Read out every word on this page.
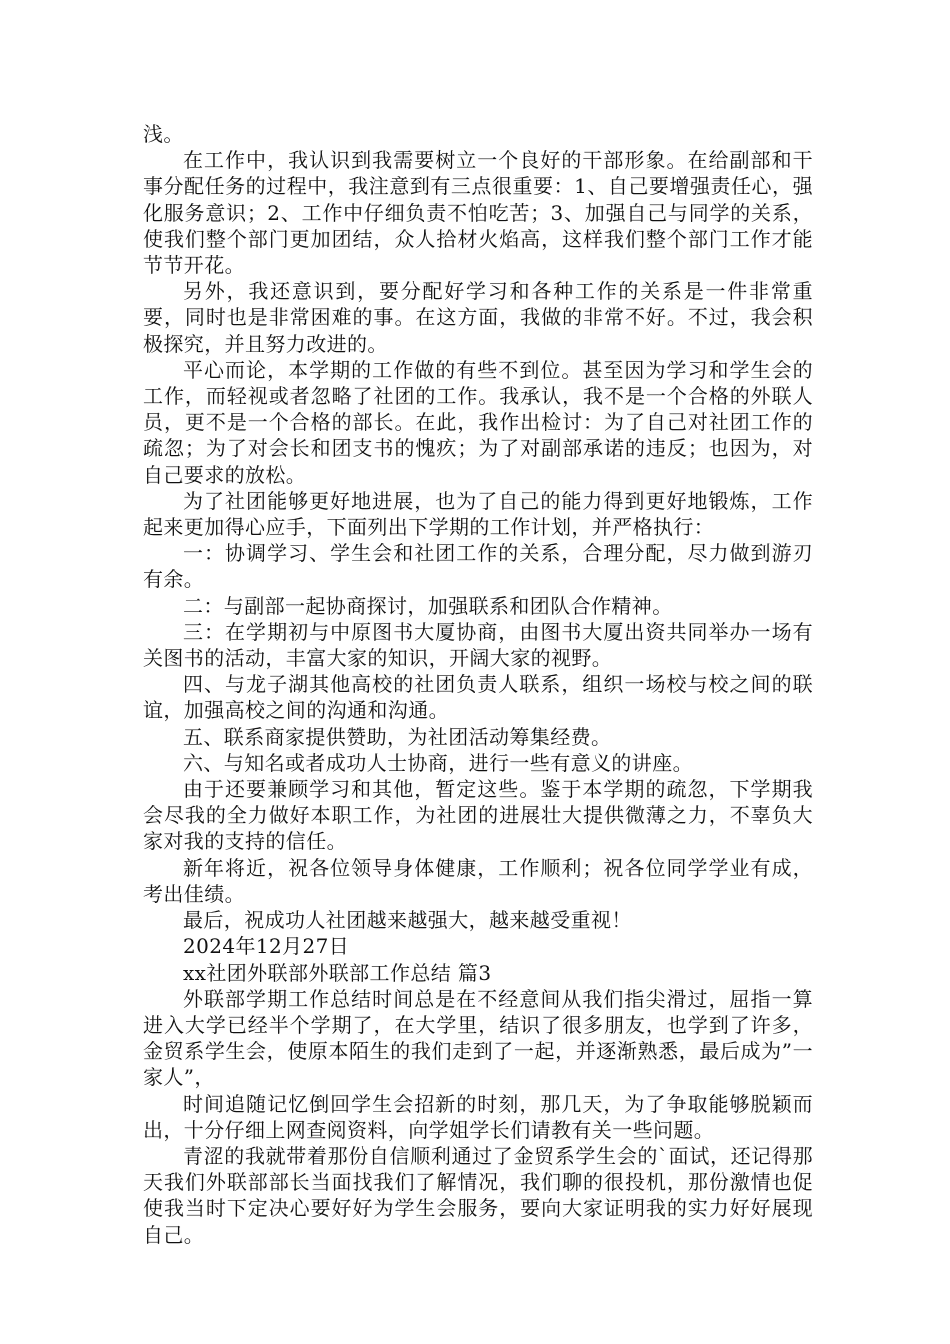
浅。

在工作中，我认识到我需要树立一个良好的干部形象。在给副部和干事分配任务的过程中，我注意到有三点很重要：1、自己要增强责任心，强化服务意识；2、工作中仔细负责不怕吃苦；3、加强自己与同学的关系，使我们整个部门更加团结，众人拾材火焰高，这样我们整个部门工作才能节节开花。

另外，我还意识到，要分配好学习和各种工作的关系是一件非常重要，同时也是非常困难的事。在这方面，我做的非常不好。不过，我会积极探究，并且努力改进的。

平心而论，本学期的工作做的有些不到位。甚至因为学习和学生会的工作，而轻视或者忽略了社团的工作。我承认，我不是一个合格的外联人员，更不是一个合格的部长。在此，我作出检讨：为了自己对社团工作的疏忽；为了对会长和团支书的愧疚；为了对副部承诺的违反；也因为，对自己要求的放松。

为了社团能够更好地进展，也为了自己的能力得到更好地锻炼，工作起来更加得心应手，下面列出下学期的工作计划，并严格执行：

一：协调学习、学生会和社团工作的关系，合理分配，尽力做到游刃有余。

二：与副部一起协商探讨，加强联系和团队合作精神。

三：在学期初与中原图书大厦协商，由图书大厦出资共同举办一场有关图书的活动，丰富大家的知识，开阔大家的视野。

四、与龙子湖其他高校的社团负责人联系，组织一场校与校之间的联谊，加强高校之间的沟通和沟通。

五、联系商家提供赞助，为社团活动筹集经费。

六、与知名或者成功人士协商，进行一些有意义的讲座。

由于还要兼顾学习和其他，暂定这些。鉴于本学期的疏忽，下学期我会尽我的全力做好本职工作，为社团的进展壮大提供微薄之力，不辜负大家对我的支持的信任。

新年将近，祝各位领导身体健康，工作顺利；祝各位同学学业有成，考出佳绩。

最后，祝成功人社团越来越强大，越来越受重视！

2024年12月27日

xx社团外联部外联部工作总结 篇3

外联部学期工作总结时间总是在不经意间从我们指尖滑过，屈指一算进入大学已经半个学期了，在大学里，结识了很多朋友，也学到了许多，金贸系学生会，使原本陌生的我们走到了一起，并逐渐熟悉，最后成为”一家人”，

时间追随记忆倒回学生会招新的时刻，那几天，为了争取能够脱颖而出，十分仔细上网查阅资料，向学姐学长们请教有关一些问题。

青涩的我就带着那份自信顺利通过了金贸系学生会的`面试，还记得那天我们外联部部长当面找我们了解情况，我们聊的很投机，那份激情也促使我当时下定决心要好好为学生会服务，要向大家证明我的实力好好展现自己。
